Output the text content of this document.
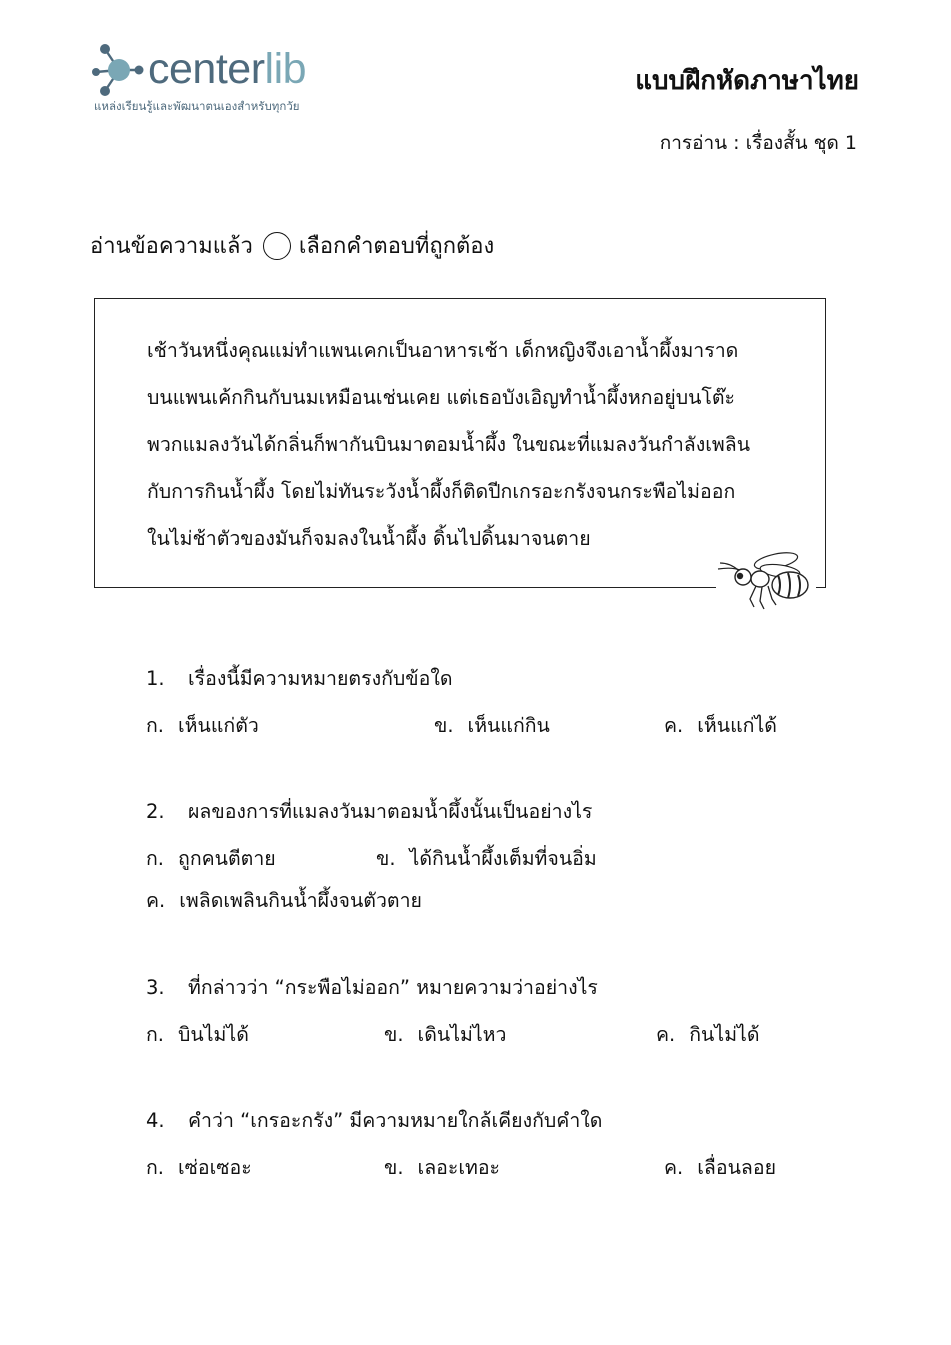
centerlib
แหล่งเรียนรู้และพัฒนาตนเองสำหรับทุกวัย
แบบฝึกหัดภาษาไทย
การอ่าน : เรื่องสั้น ชุด 1
อ่านข้อความแล้ว เลือกคำตอบที่ถูกต้อง
เช้าวันหนึ่งคุณแม่ทำแพนเคกเป็นอาหารเช้า เด็กหญิงจึงเอาน้ำผึ้งมาราด
บนแพนเค้กกินกับนมเหมือนเช่นเคย แต่เธอบังเอิญทำน้ำผึ้งหกอยู่บนโต๊ะ
พวกแมลงวันได้กลิ่นก็พากันบินมาตอมน้ำผึ้ง ในขณะที่แมลงวันกำลังเพลิน
กับการกินน้ำผึ้ง โดยไม่ทันระวังน้ำผึ้งก็ติดปีกเกรอะกรังจนกระพือไม่ออก
ในไม่ช้าตัวของมันก็จมลงในน้ำผึ้ง ดิ้นไปดิ้นมาจนตาย
1. เรื่องนี้มีความหมายตรงกับข้อใด
ก. เห็นแก่ตัว	ข. เห็นแก่กิน	ค. เห็นแก่ได้
2. ผลของการที่แมลงวันมาตอมน้ำผึ้งนั้นเป็นอย่างไร
ก. ถูกคนตีตาย	ข. ได้กินน้ำผึ้งเต็มที่จนอิ่ม
ค. เพลิดเพลินกินน้ำผึ้งจนตัวตาย
3. ที่กล่าวว่า “กระพือไม่ออก” หมายความว่าอย่างไร
ก. บินไม่ได้	ข. เดินไม่ไหว	ค. กินไม่ได้
4. คำว่า “เกรอะกรัง” มีความหมายใกล้เคียงกับคำใด
ก. เซ่อเซอะ	ข. เลอะเทอะ	ค. เลื่อนลอย
